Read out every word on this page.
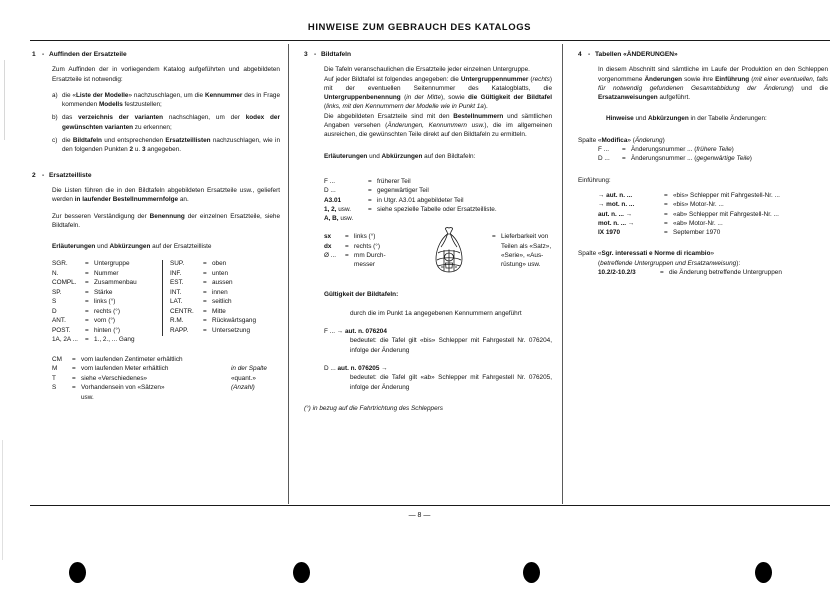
HINWEISE ZUM GEBRAUCH DES KATALOGS
1 - Auffinden der Ersatzteile
Zum Auffinden der in vorliegendem Katalog aufgeführten und abgebildeten Ersatzteile ist notwendig:
a) die «Liste der Modelle» nachzuschlagen, um die Kennummer des in Frage kommenden Modells festzustellen;
b) das verzeichnis der varianten nachschlagen, um der kodex der gewünschten varianten zu erkennen;
c) die Bildtafeln und entsprechenden Ersatzteillisten nachzuschlagen, wie in den folgenden Punkten 2 u. 3 angegeben.
2 - Ersatzteilliste
Die Listen führen die in den Bildtafeln abgebildeten Ersatzteile usw., geliefert werden in laufender Bestellnummernfolge an.
Zur besseren Verständigung der Benennung der einzelnen Ersatzteile, siehe Bildtafeln.
Erläuterungen und Abkürzungen auf der Ersatzteilliste
SGR.	= Untergruppe	SUP.	= oben
N.	= Nummer	INF.	= unten
COMPL.	= Zusammenbau	EST.	= aussen
SP.	= Stärke	INT.	= innen
S	= links (°)	LAT.	= seitlich
D	= rechts (°)	CENTR.	= Mitte
ANT.	= vorn (°)	R.M.	= Rückwärtsgang
POST.	= hinten (°)	RAPP.	= Untersetzung
1A, 2A ...	= 1., 2., ... Gang
CM	= vom laufenden Zentimeter erhältlich
M	= vom laufenden Meter erhältlich	in der Spalte
T	= siehe «Verschiedenes»	«quant.»
S	= Vorhandensein von «Sätzen»	(Anzahl)
usw.
3 - Bildtafeln
Die Tafeln veranschaulichen die Ersatzteile jeder einzelnen Untergruppe.
Auf jeder Bildtafel ist folgendes angegeben: die Untergruppennummer (rechts) mit der eventuellen Seitennummer des Katalogblatts, die Untergruppenbenennung (in der Mitte), sowie die Gültigkeit der Bildtafel (links, mit den Kennummern der Modelle wie in Punkt 1a).
Die abgebildeten Ersatzteile sind mit den Bestellnummern und sämtlichen Angaben versehen (Änderungen, Kennummern usw.), die im allgemeinen ausreichen, die gewünschten Teile direkt auf den Bildtafeln zu ermitteln.
Erläuterungen und Abkürzungen auf den Bildtafeln:
F ...	= früherer Teil
D ...	= gegenwärtiger Teil
A3.01	= in Utgr. A3.01 abgebildeter Teil
1, 2, usw.	= siehe spezielle Tabelle oder Ersatzteilliste.
A, B, usw.
sx	= links (°)
dx	= rechts (°)
Ø ...	= mm Durch-
messer
= Lieferbarkeit von
Teilen als «Satz»,
«Serie», «Aus-
rüstung» usw.
Gültigkeit der Bildtafeln:
durch die im Punkt 1a angegebenen Kennummern angeführt
F ... → aut. n. 076204
bedeutet: die Tafel gilt «bis» Schlepper mit Fahrgestell Nr. 076204, infolge der Änderung
D ... aut. n. 076205 →
bedeutet: die Tafel gilt «ab» Schlepper mit Fahrgestell Nr. 076205, infolge der Änderung
(°) in bezug auf die Fahrtrichtung des Schleppers
4 - Tabellen «ÄNDERUNGEN»
In diesem Abschnitt sind sämtliche im Laufe der Produktion en den Schleppen vorgenommene Änderungen sowie ihre Einführung (mit einer eventuellen, falls für notwendig gefundenen Gesamtabbidung der Änderung) und die Ersatzanweisungen aufgeführt.
Hinweise und Abkürzungen in der Tabelle Änderungen:
Spalte «Modifica» (Änderung)
F ...	= Änderungsnummer ... (frühere Teile)
D ...	= Änderungsnummer ... (gegenwärtige Teile)
Einführung:
→ aut. n. ...	= «bis» Schlepper mit Fahrgestell-Nr. ...
→ mot. n. ...	= «bis» Motor-Nr. ...
aut. n. ... →	= «ab» Schlepper mit Fahrgestell-Nr. ...
mot. n. ... →	= «ab» Motor-Nr. ...
IX 1970	= September 1970
Spalte «Sgr. interessati e Norme di ricambio»
(betreffende Untergruppen und Ersatzanweisung):
10.2/2-10.2/3	= die Änderung betreffende Untergruppen
— 8 —
